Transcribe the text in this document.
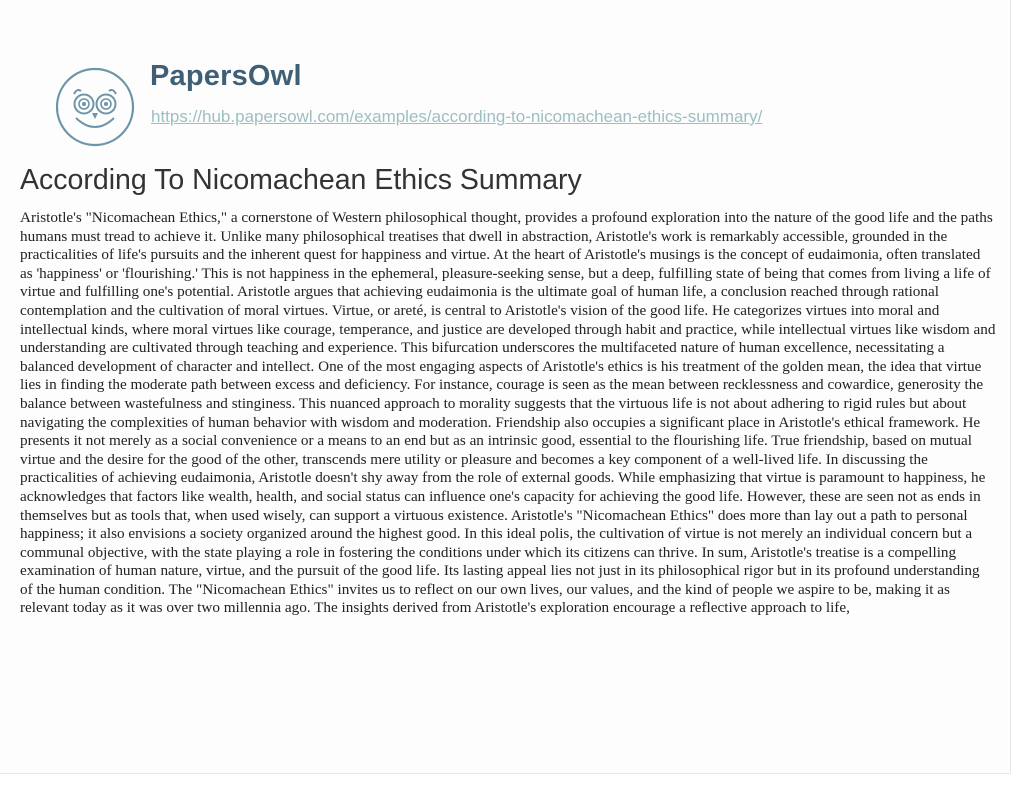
PapersOwl
https://hub.papersowl.com/examples/according-to-nicomachean-ethics-summary/
According To Nicomachean Ethics Summary

Aristotle's "Nicomachean Ethics," a cornerstone of Western philosophical thought, provides a profound exploration into the nature of the good life and the paths humans must tread to achieve it. Unlike many philosophical treatises that dwell in abstraction, Aristotle's work is remarkably accessible, grounded in the practicalities of life's pursuits and the inherent quest for happiness and virtue. At the heart of Aristotle's musings is the concept of eudaimonia, often translated as 'happiness' or 'flourishing.' This is not happiness in the ephemeral, pleasure-seeking sense, but a deep, fulfilling state of being that comes from living a life of virtue and fulfilling one's potential. Aristotle argues that achieving eudaimonia is the ultimate goal of human life, a conclusion reached through rational contemplation and the cultivation of moral virtues. Virtue, or areté, is central to Aristotle's vision of the good life. He categorizes virtues into moral and intellectual kinds, where moral virtues like courage, temperance, and justice are developed through habit and practice, while intellectual virtues like wisdom and understanding are cultivated through teaching and experience. This bifurcation underscores the multifaceted nature of human excellence, necessitating a balanced development of character and intellect. One of the most engaging aspects of Aristotle's ethics is his treatment of the golden mean, the idea that virtue lies in finding the moderate path between excess and deficiency. For instance, courage is seen as the mean between recklessness and cowardice, generosity the balance between wastefulness and stinginess. This nuanced approach to morality suggests that the virtuous life is not about adhering to rigid rules but about navigating the complexities of human behavior with wisdom and moderation. Friendship also occupies a significant place in Aristotle's ethical framework. He presents it not merely as a social convenience or a means to an end but as an intrinsic good, essential to the flourishing life. True friendship, based on mutual virtue and the desire for the good of the other, transcends mere utility or pleasure and becomes a key component of a well-lived life. In discussing the practicalities of achieving eudaimonia, Aristotle doesn't shy away from the role of external goods. While emphasizing that virtue is paramount to happiness, he acknowledges that factors like wealth, health, and social status can influence one's capacity for achieving the good life. However, these are seen not as ends in themselves but as tools that, when used wisely, can support a virtuous existence. Aristotle's "Nicomachean Ethics" does more than lay out a path to personal happiness; it also envisions a society organized around the highest good. In this ideal polis, the cultivation of virtue is not merely an individual concern but a communal objective, with the state playing a role in fostering the conditions under which its citizens can thrive. In sum, Aristotle's treatise is a compelling examination of human nature, virtue, and the pursuit of the good life. Its lasting appeal lies not just in its philosophical rigor but in its profound understanding of the human condition. The "Nicomachean Ethics" invites us to reflect on our own lives, our values, and the kind of people we aspire to be, making it as relevant today as it was over two millennia ago. The insights derived from Aristotle's exploration encourage a reflective approach to life,
